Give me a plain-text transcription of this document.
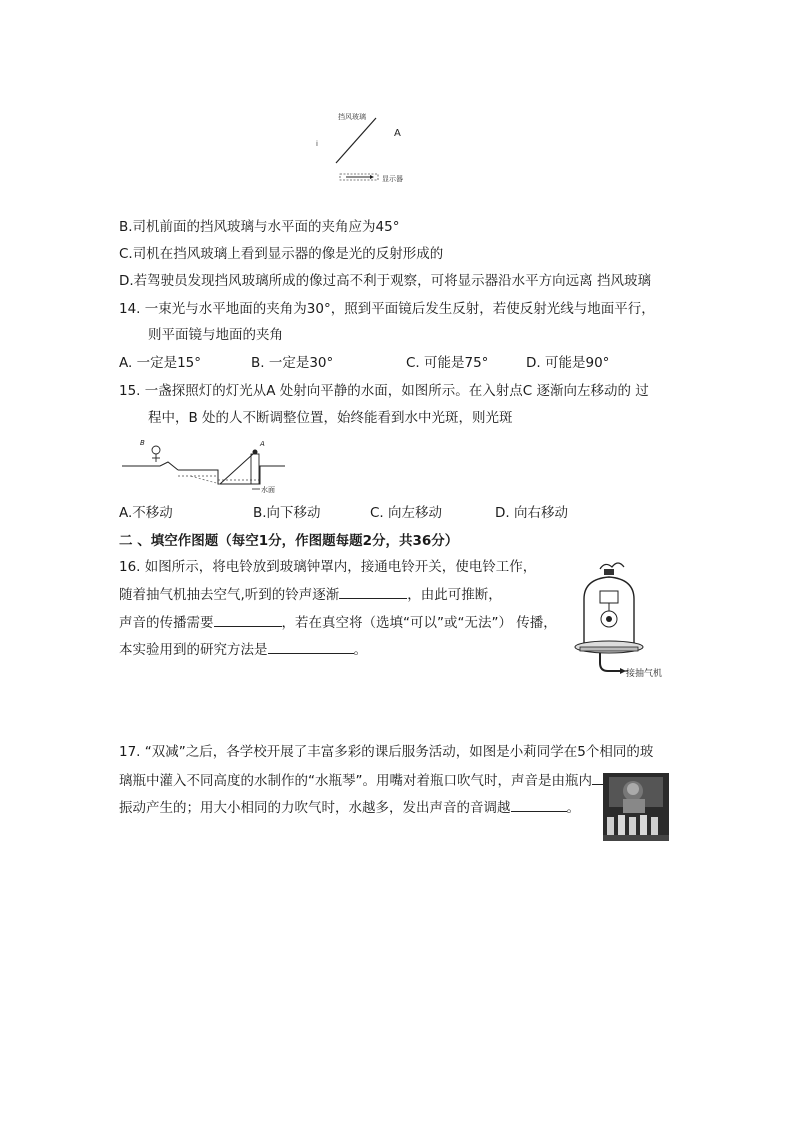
挡风玻璃
i
A
显示器
B.司机前面的挡风玻璃与水平面的夹角应为45°
C.司机在挡风玻璃上看到显示器的像是光的反射形成的
D.若驾驶员发现挡风玻璃所成的像过高不利于观察，可将显示器沿水平方向远离 挡风玻璃
14. 一束光与水平地面的夹角为30°，照到平面镜后发生反射，若使反射光线与地面平行，
则平面镜与地面的夹角
A. 一定是15°	B. 一定是30°	C. 可能是75°	D. 可能是90°
15. 一盏探照灯的灯光从A 处射向平静的水面，如图所示。在入射点C 逐渐向左移动的 过
程中，B 处的人不断调整位置，始终能看到水中光斑，则光斑
B	A
水面
A.不移动	B.向下移动	C. 向左移动	D. 向右移动
二 、填空作图题（每空1分，作图题每题2分，共36分）
16. 如图所示，将电铃放到玻璃钟罩内，接通电铃开关，使电铃工作，
随着抽气机抽去空气,听到的铃声逐渐	，由此可推断，
声音的传播需要	，若在真空将（选填“可以”或“无法”） 传播，
本实验用到的研究方法是	。
接抽气机
17. “双减”之后，各学校开展了丰富多彩的课后服务活动，如图是小莉同学在5个相同的玻
璃瓶中灌入不同高度的水制作的“水瓶琴”。用嘴对着瓶口吹气时，声音是由瓶内
振动产生的；用大小相同的力吹气时，水越多，发出声音的音调越	。
